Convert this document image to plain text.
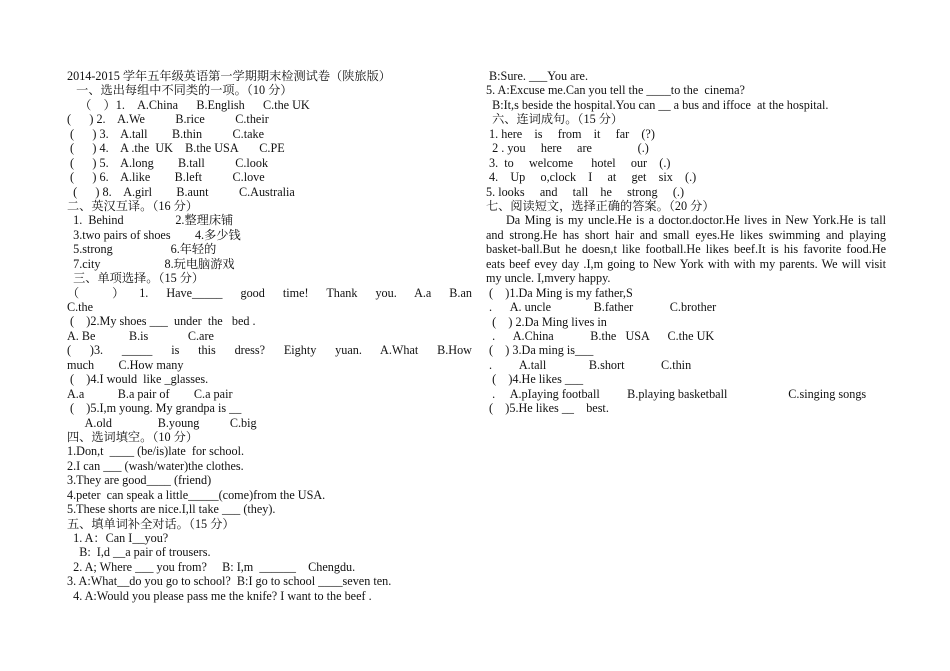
2014-2015 学年五年级英语第一学期期末检测试卷（陕旅版）
一、选出每组中不同类的一项。（10 分）
（    ）1.    A.China      B.English      C.the UK
(      ) 2.    A.We          B.rice          C.their
(      ) 3.    A.tall        B.thin          C.take
(      ) 4.    A .the  UK    B.the USA       C.PE
(      ) 5.    A.long        B.tall          C.look
(      ) 6.    A.like        B.left          C.love
(      ) 8.    A.girl        B.aunt          C.Australia
二、英汉互译。（16 分）
1.  Behind                 2.整理床铺
3.two pairs of shoes        4.多少钱
5.strong                   6.年轻的
7.city                     8.玩电脑游戏
三、单项选择。（15 分）
（ ）1. Have_____ good time! Thank you. A.a B.an
C.the
(    )2.My shoes ___  under  the   bed .
A. Be           B.is             C.are
( )3. _____ is this dress? Eighty yuan. A.What B.How
much        C.How many
(    )4.I would  like _glasses.
A.a           B.a pair of        C.a pair
(    )5.I,m young. My grandpa is __
A.old               B.young          C.big
四、选词填空。（10 分）
1.Don,t  ____ (be/is)late  for school.
2.I can ___ (wash/water)the clothes.
3.They are good____ (friend)
4.peter  can speak a little_____(come)from the USA.
5.These shorts are nice.I,ll take ___ (they).
五、填单词补全对话。（15 分）
1. A：Can I__you?
B:  I,d __a pair of trousers.
2. A; Where ___ you from?     B: I,m  ______    Chengdu.
3. A:What__do you go to school?  B:I go to school ____seven ten.
4. A:Would you please pass me the knife? I want to the beef .
B:Sure. ___You are.
5. A:Excuse me.Can you tell the ____to the  cinema?
B:It,s beside the hospital.You can __ a bus and iffoce  at the hospital.
六、连词成句。（15 分）
1. here    is     from    it     far    (?)
2 . you     here     are               (.)
3.  to     welcome      hotel     our    (.)
4.    Up     o,clock    I     at     get    six    (.)
5. looks     and     tall    he     strong     (.)
七、阅读短文，选择正确的答案。（20 分）
Da Ming is my uncle.He is a doctor.doctor.He lives in New York.He is tall and strong.He has short hair and small eyes.He likes swimming and playing basket-ball.But he doesn,t like football.He likes beef.It is his favorite food.He eats beef evey day .I,m going to New York with with my parents. We will visit my uncle. I,mvery happy.
(    )1.Da Ming is my father,S
.      A. uncle              B.father            C.brother
(    ) 2.Da Ming lives in
.      A.China            B.the   USA      C.the UK
(    ) 3.Da ming is___
.         A.tall              B.short            C.thin
(    )4.He likes ___
.     A.pIaying football         B.playing basketball                    C.singing songs
(    )5.He likes __    best.
